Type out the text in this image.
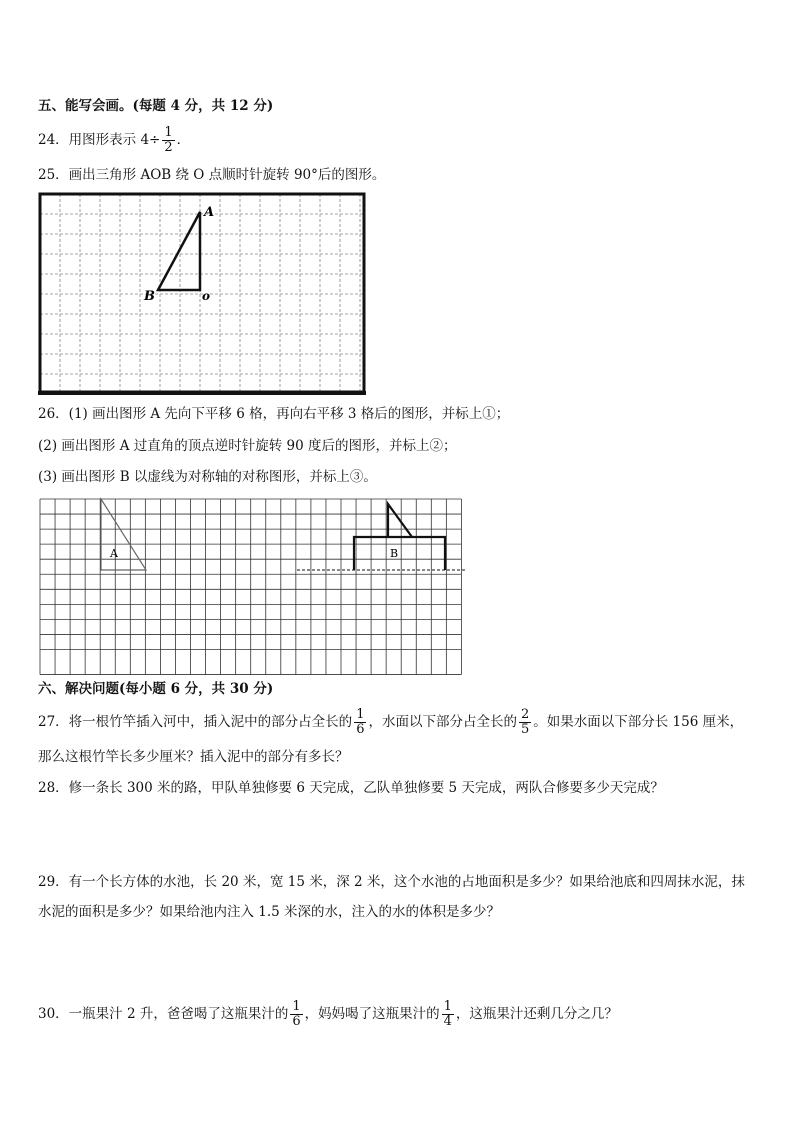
五、能写会画。(每题 4 分，共 12 分)
24．用图形表示 $4\div \frac{1}{2}$ ．
25．画出三角形 AOB 绕 O 点顺时针旋转 90°后的图形。
A
B	o
26．(1) 画出图形 A 先向下平移 6 格，再向右平移 3 格后的图形，并标上①；
(2) 画出图形 A 过直角的顶点逆时针旋转 90 度后的图形，并标上②；
(3) 画出图形 B 以虚线为对称轴的对称图形，并标上③。
A	B
六、解决问题(每小题 6 分，共 30 分)
27．将一根竹竿插入河中，插入泥中的部分占全长的 $\frac{1}{6}$ ，水面以下部分占全长的 $\frac{2}{5}$ 。如果水面以下部分长 156 厘米，
那么这根竹竿长多少厘米？插入泥中的部分有多长？
28．修一条长 300 米的路，甲队单独修要 6 天完成，乙队单独修要 5 天完成，两队合修要多少天完成？
29．有一个长方体的水池，长 20 米，宽 15 米，深 2 米，这个水池的占地面积是多少？如果给池底和四周抹水泥，抹
水泥的面积是多少？如果给池内注入 1.5 米深的水，注入的水的体积是多少？
30．一瓶果汁 2 升，爸爸喝了这瓶果汁的 $\frac{1}{6}$ ，妈妈喝了这瓶果汁的 $\frac{1}{4}$ ，这瓶果汁还剩几分之几？
